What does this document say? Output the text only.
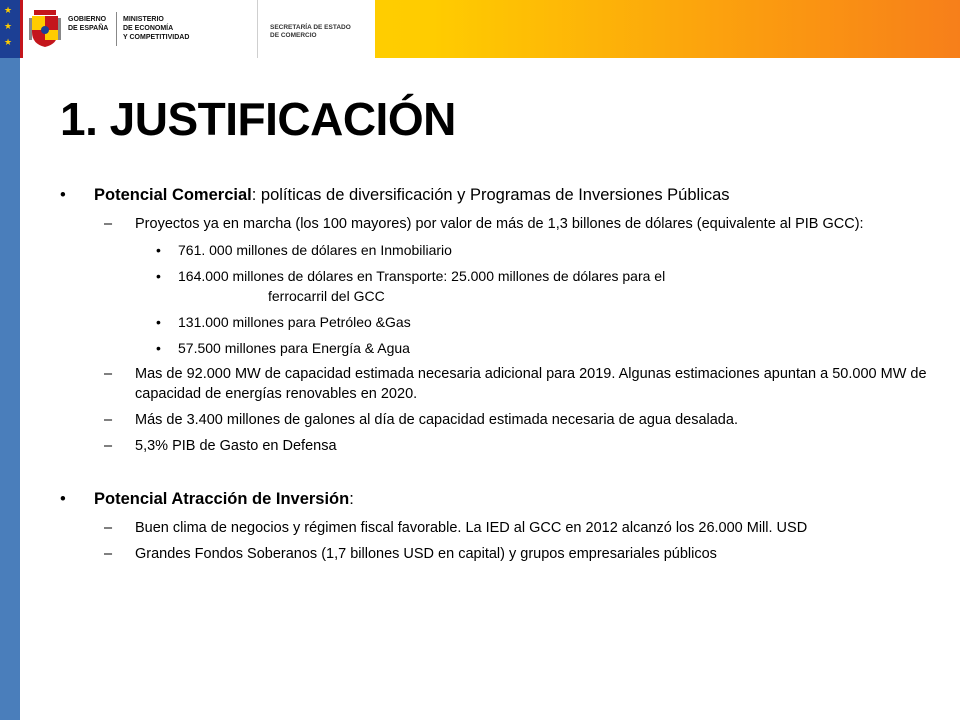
★
★
★
GOBIERNO
DE ESPAÑA
MINISTERIO
DE ECONOMÍA
Y COMPETITIVIDAD
SECRETARÍA DE ESTADO
DE COMERCIO
1. JUSTIFICACIÓN
• Potencial Comercial: políticas de diversificación y Programas de Inversiones Públicas
– Proyectos ya en marcha (los 100 mayores) por valor de más de 1,3 billones de dólares (equivalente al PIB GCC):
• 761. 000 millones de dólares en Inmobiliario
• 164.000 millones de dólares en Transporte: 25.000 millones de dólares para el
ferrocarril del GCC
• 131.000 millones para Petróleo &Gas
• 57.500 millones para Energía & Agua
– Mas de 92.000 MW de capacidad estimada necesaria adicional para 2019. Algunas estimaciones apuntan a 50.000 MW de capacidad de energías renovables en 2020.
– Más de 3.400 millones de galones al día de capacidad estimada necesaria de agua desalada.
– 5,3% PIB de Gasto en Defensa
• Potencial Atracción de Inversión:
– Buen clima de negocios y régimen fiscal favorable. La IED al GCC en 2012 alcanzó los 26.000 Mill. USD
– Grandes Fondos Soberanos (1,7 billones USD en capital) y grupos empresariales públicos
